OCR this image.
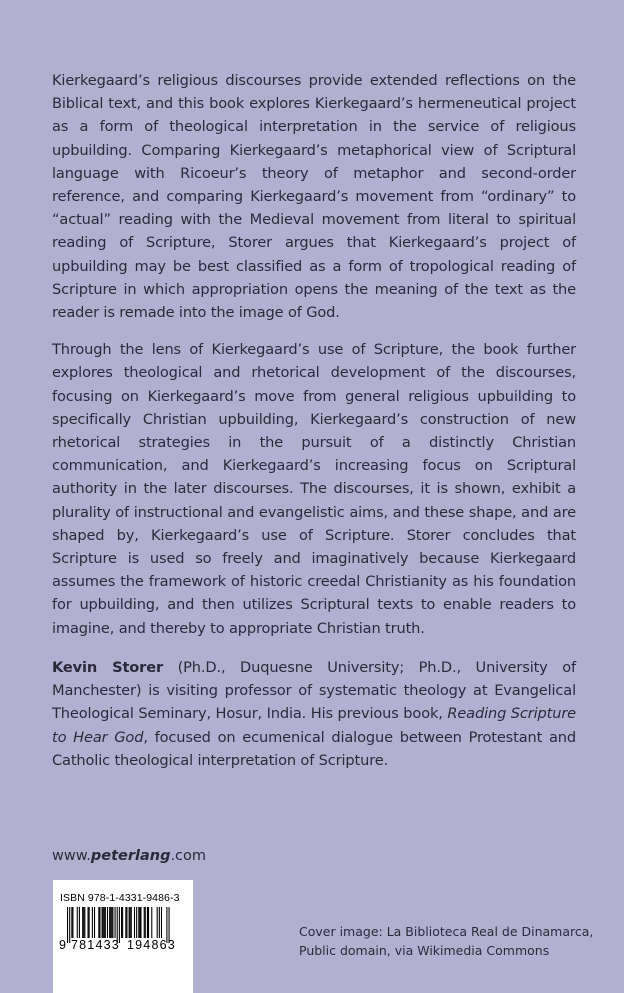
Kierkegaard’s religious discourses provide extended reflections on the Biblical text, and this book explores Kierkegaard’s hermeneutical project as a form of theological interpretation in the service of religious upbuilding. Comparing Kierkegaard’s metaphorical view of Scriptural language with Ricoeur’s theory of metaphor and second-order reference, and comparing Kierkegaard’s movement from “ordinary” to “actual” reading with the Medieval movement from literal to spiritual reading of Scripture, Storer argues that Kierkegaard’s project of upbuilding may be best classified as a form of tropological reading of Scripture in which appropriation opens the meaning of the text as the reader is remade into the image of God.

Through the lens of Kierkegaard’s use of Scripture, the book further explores theological and rhetorical development of the discourses, focusing on Kierkegaard’s move from general religious upbuilding to specifically Christian upbuilding, Kierkegaard’s construction of new rhetorical strategies in the pursuit of a distinctly Christian communication, and Kierkegaard’s increasing focus on Scriptural authority in the later discourses. The discourses, it is shown, exhibit a plurality of instructional and evangelistic aims, and these shape, and are shaped by, Kierkegaard’s use of Scripture. Storer concludes that Scripture is used so freely and imaginatively because Kierkegaard assumes the framework of historic creedal Christianity as his foundation for upbuilding, and then utilizes Scriptural texts to enable readers to imagine, and thereby to appropriate Christian truth.

Kevin Storer (Ph.D., Duquesne University; Ph.D., University of Manchester) is visiting professor of systematic theology at Evangelical Theological Seminary, Hosur, India. His previous book, Reading Scripture to Hear God, focused on ecumenical dialogue between Protestant and Catholic theological interpretation of Scripture.

www.peterlang.com
ISBN 978-1-4331-9486-3
9 781433 194863
Cover image: La Biblioteca Real de Dinamarca,
Public domain, via Wikimedia Commons
